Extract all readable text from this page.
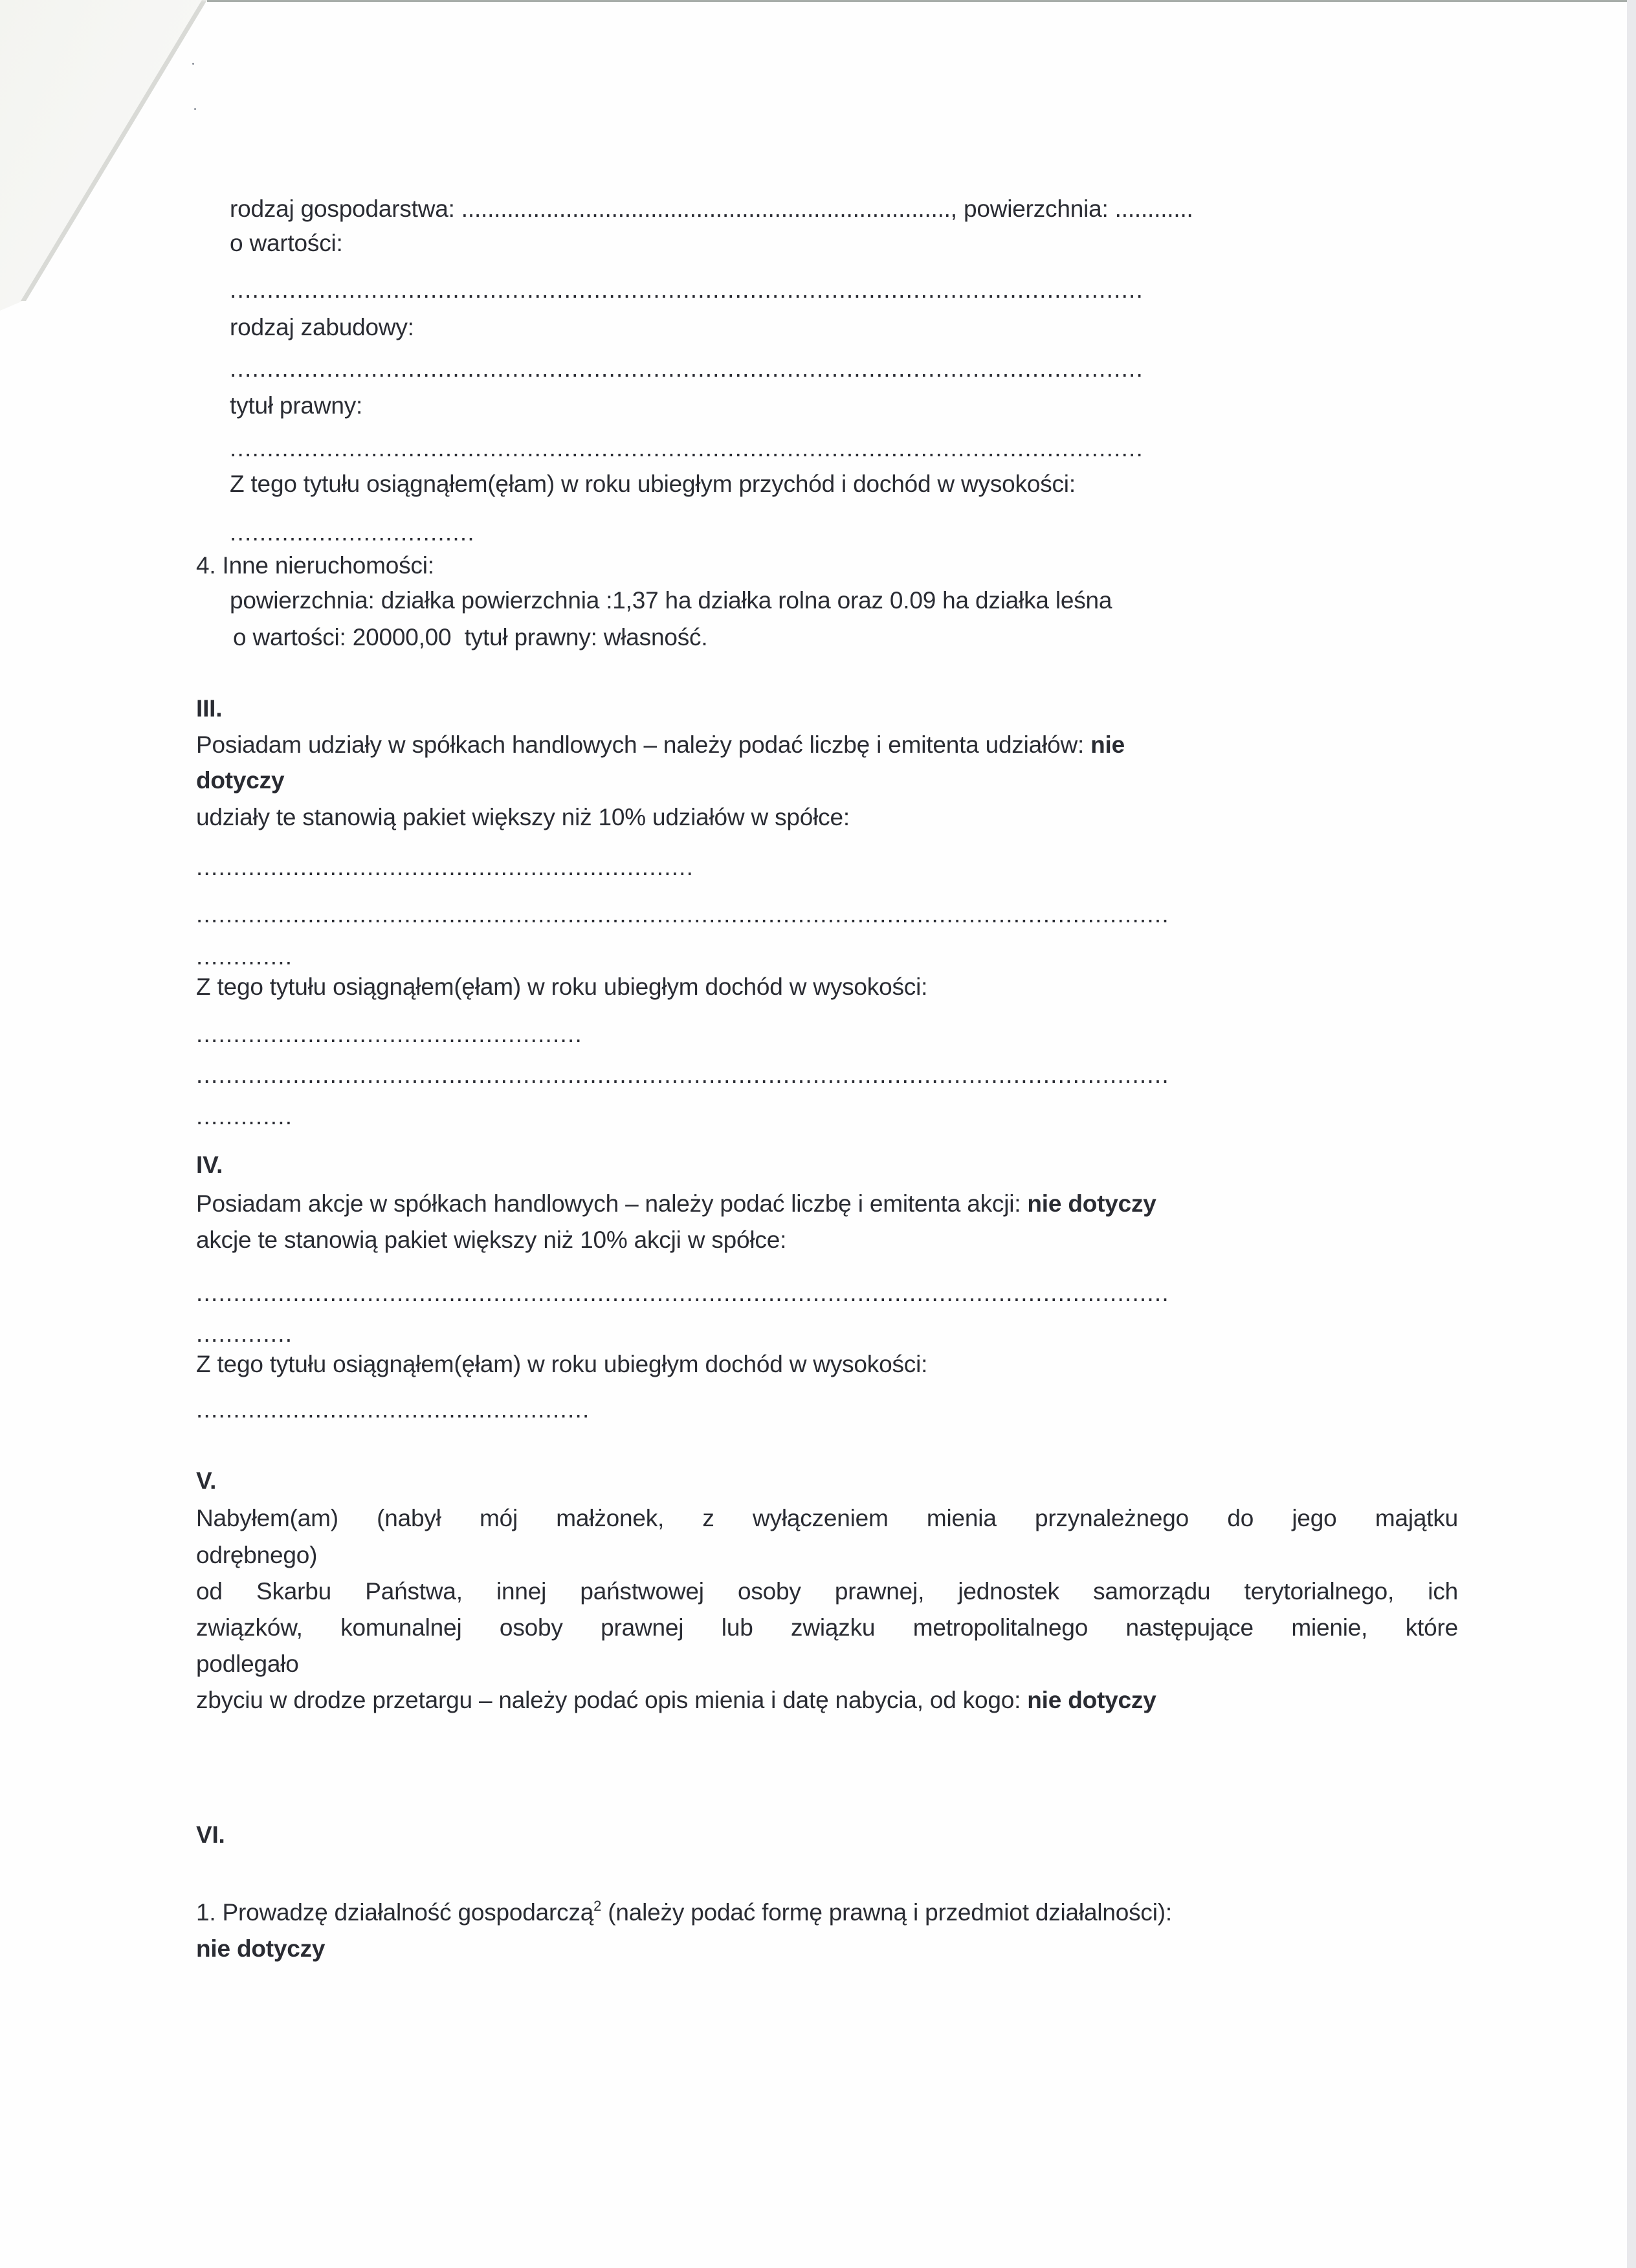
rodzaj gospodarstwa: ..........................................................................., powierzchnia: ............
o wartości:
...........................................................................................................................
rodzaj zabudowy:
...........................................................................................................................
tytuł prawny:
...........................................................................................................................
Z tego tytułu osiągnąłem(ęłam) w roku ubiegłym przychód i dochód w wysokości:
.................................
4. Inne nieruchomości:
powierzchnia: działka powierzchnia :1,37 ha działka rolna oraz 0.09 ha działka leśna
o wartości: 20000,00  tytuł prawny: własność.
III.
Posiadam udziały w spółkach handlowych – należy podać liczbę i emitenta udziałów: nie
dotyczy
udziały te stanowią pakiet większy niż 10% udziałów w spółce:
...................................................................
...................................................................................................................................
.............
Z tego tytułu osiągnąłem(ęłam) w roku ubiegłym dochód w wysokości:
....................................................
...................................................................................................................................
.............
IV.
Posiadam akcje w spółkach handlowych – należy podać liczbę i emitenta akcji: nie dotyczy
akcje te stanowią pakiet większy niż 10% akcji w spółce:
...................................................................................................................................
.............
Z tego tytułu osiągnąłem(ęłam) w roku ubiegłym dochód w wysokości:
.....................................................
V.
Nabyłem(am) (nabył mój małżonek, z wyłączeniem mienia przynależnego do jego majątku
odrębnego)
od Skarbu Państwa, innej państwowej osoby prawnej, jednostek samorządu terytorialnego, ich
związków, komunalnej osoby prawnej lub związku metropolitalnego następujące mienie, które
podlegało
zbyciu w drodze przetargu – należy podać opis mienia i datę nabycia, od kogo: nie dotyczy
VI.
1. Prowadzę działalność gospodarczą$^2$ (należy podać formę prawną i przedmiot działalności):
nie dotyczy
